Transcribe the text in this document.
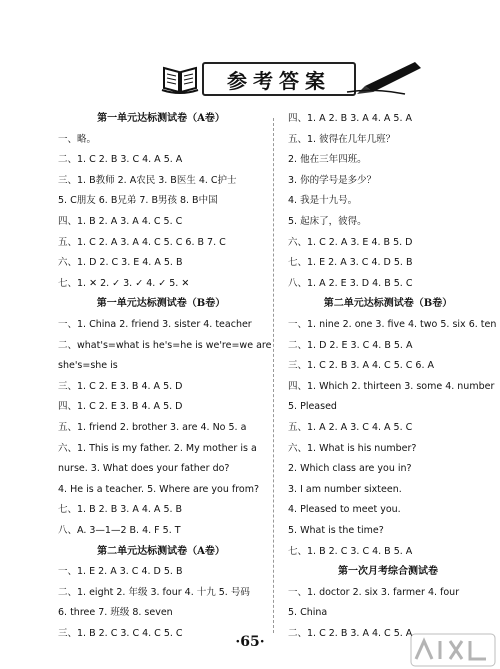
参考答案
第一单元达标测试卷（A卷）
一、略。
二、1. C 2. B 3. C 4. A 5. A
三、1. B教师 2. A农民 3. B医生 4. C护士
5. C朋友 6. B兄弟 7. B男孩 8. B中国
四、1. B 2. A 3. A 4. C 5. C
五、1. C 2. A 3. A 4. C 5. C 6. B 7. C
六、1. D 2. C 3. E 4. A 5. B
七、1. ✕ 2. ✓ 3. ✓ 4. ✓ 5. ✕
第一单元达标测试卷（B卷）
一、1. China 2. friend 3. sister 4. teacher
二、what's=what is he's=he is we're=we are
she's=she is
三、1. C 2. E 3. B 4. A 5. D
四、1. C 2. E 3. B 4. A 5. D
五、1. friend 2. brother 3. are 4. No 5. a
六、1. This is my father. 2. My mother is a
nurse. 3. What does your father do?
4. He is a teacher. 5. Where are you from?
七、1. B 2. B 3. A 4. A 5. B
八、A. 3—1—2 B. 4. F 5. T
第二单元达标测试卷（A卷）
一、1. E 2. A 3. C 4. D 5. B
二、1. eight 2. 年级 3. four 4. 十九 5. 号码
6. three 7. 班级 8. seven
三、1. B 2. C 3. C 4. C 5. C
四、1. A 2. B 3. A 4. A 5. A
五、1. 彼得在几年几班？
2. 他在三年四班。
3. 你的学号是多少？
4. 我是十九号。
5. 起床了，彼得。
六、1. C 2. A 3. E 4. B 5. D
七、1. E 2. A 3. C 4. D 5. B
八、1. A 2. E 3. D 4. B 5. C
第二单元达标测试卷（B卷）
一、1. nine 2. one 3. five 4. two 5. six 6. ten
二、1. D 2. E 3. C 4. B 5. A
三、1. C 2. B 3. A 4. C 5. C 6. A
四、1. Which 2. thirteen 3. some 4. number
5. Pleased
五、1. A 2. A 3. C 4. A 5. C
六、1. What is his number?
2. Which class are you in?
3. I am number sixteen.
4. Pleased to meet you.
5. What is the time?
七、1. B 2. C 3. C 4. B 5. A
第一次月考综合测试卷
一、1. doctor 2. six 3. farmer 4. four
5. China
二、1. C 2. B 3. A 4. C 5. A
·65·
